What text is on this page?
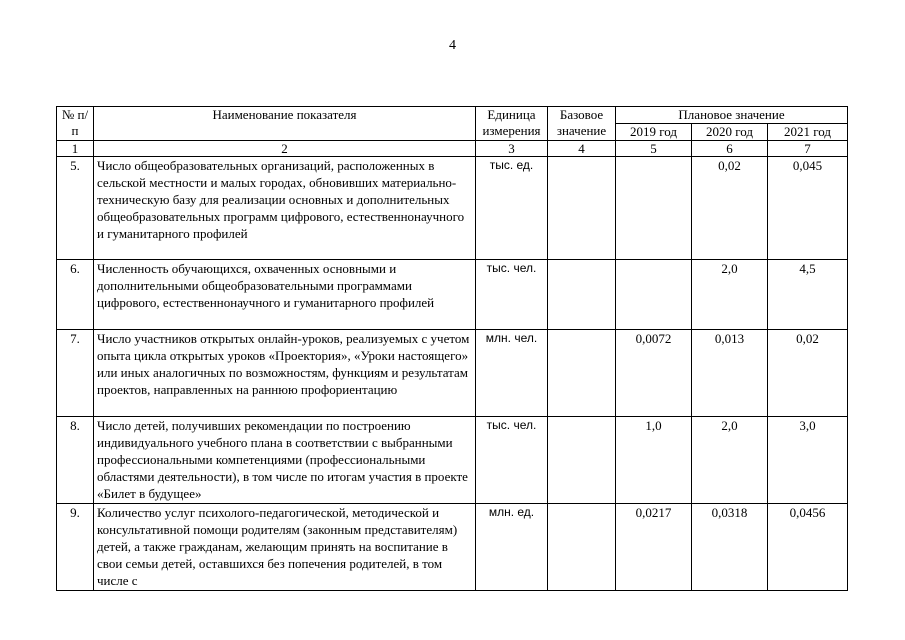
4
№ п/п	Наименование показателя	Единица измерения	Базовое значение	Плановое значение		
				2019 год	2020 год	2021 год
1	2	3	4	5	6	7
5.	Число общеобразовательных организаций, расположенных в сельской местности и малых городах, обновивших материально-техническую базу для реализации основных и дополнительных общеобразовательных программ цифрового, естественнонаучного и гуманитарного профилей	тыс. ед.			0,02	0,045
6.	Численность обучающихся, охваченных основными и дополнительными общеобразовательными программами цифрового, естественнонаучного и гуманитарного профилей	тыс. чел.			2,0	4,5
7.	Число участников открытых онлайн-уроков, реализуемых с учетом опыта цикла открытых уроков «Проектория», «Уроки настоящего» или иных аналогичных по возможностям, функциям и результатам проектов, направленных на раннюю профориентацию	млн. чел.		0,0072	0,013	0,02
8.	Число детей, получивших рекомендации по построению индивидуального учебного плана в соответствии с выбранными профессиональными компетенциями (профессиональными областями деятельности), в том числе по итогам участия в проекте «Билет в будущее»	тыс. чел.		1,0	2,0	3,0
9.	Количество услуг психолого-педагогической, методической и консультативной помощи родителям (законным представителям) детей, а также гражданам, желающим принять на воспитание в свои семьи детей, оставшихся без попечения родителей, в том числе с	млн. ед.		0,0217	0,0318	0,0456
